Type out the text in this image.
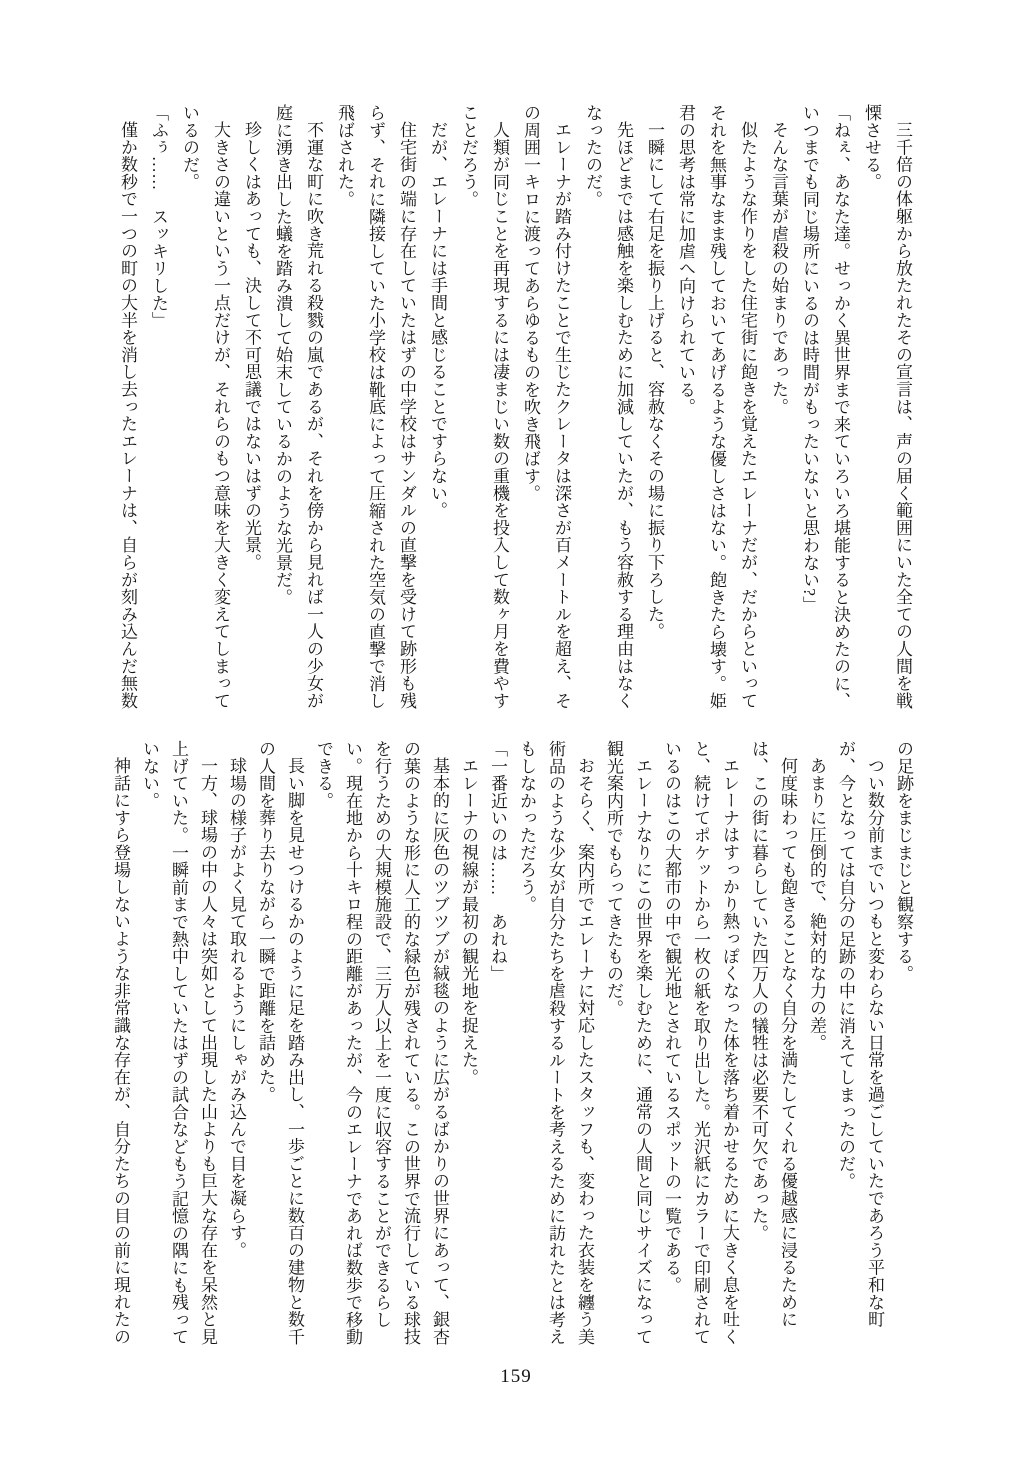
三千倍の体躯から放たれたその宣言は、声の届く範囲にいた全ての人間を戦慄させる。

「ねぇ、あなた達。せっかく異世界まで来ていろいろ堪能すると決めたのに、いつまでも同じ場所にいるのは時間がもったいないと思わない?」

そんな言葉が虐殺の始まりであった。

似たような作りをした住宅街に飽きを覚えたエレーナだが、だからといってそれを無事なまま残しておいてあげるような優しさはない。飽きたら壊す。姫君の思考は常に加虐へ向けられている。

一瞬にして右足を振り上げると、容赦なくその場に振り下ろした。

先ほどまでは感触を楽しむために加減していたが、もう容赦する理由はなくなったのだ。

エレーナが踏み付けたことで生じたクレータは深さが百メートルを超え、その周囲一キロに渡ってあらゆるものを吹き飛ばす。

人類が同じことを再現するには凄まじい数の重機を投入して数ヶ月を費やすことだろう。

だが、エレーナには手間と感じることですらない。

住宅街の端に存在していたはずの中学校はサンダルの直撃を受けて跡形も残らず、それに隣接していた小学校は靴底によって圧縮された空気の直撃で消し飛ばされた。

不運な町に吹き荒れる殺戮の嵐であるが、それを傍から見れば一人の少女が庭に湧き出した蟻を踏み潰して始末しているかのような光景だ。

珍しくはあっても、決して不可思議ではないはずの光景。

大きさの違いという一点だけが、それらのもつ意味を大きく変えてしまっているのだ。

「ふぅ……　スッキリした」

僅か数秒で一つの町の大半を消し去ったエレーナは、自らが刻み込んだ無数

の足跡をまじまじと観察する。

つい数分前までいつもと変わらない日常を過ごしていたであろう平和な町が、今となっては自分の足跡の中に消えてしまったのだ。

あまりに圧倒的で、絶対的な力の差。

何度味わっても飽きることなく自分を満たしてくれる優越感に浸るためには、この街に暮らしていた四万人の犠牲は必要不可欠であった。

エレーナはすっかり熱っぽくなった体を落ち着かせるために大きく息を吐くと、続けてポケットから一枚の紙を取り出した。光沢紙にカラーで印刷されているのはこの大都市の中で観光地とされているスポットの一覧である。

エレーナなりにこの世界を楽しむために、通常の人間と同じサイズになって観光案内所でもらってきたものだ。

おそらく、案内所でエレーナに対応したスタッフも、変わった衣装を纏う美術品のような少女が自分たちを虐殺するルートを考えるために訪れたとは考えもしなかっただろう。

「一番近いのは……　あれね」

エレーナの視線が最初の観光地を捉えた。

基本的に灰色のツブツブが絨毯のように広がるばかりの世界にあって、銀杏の葉のような形に人工的な緑色が残されている。この世界で流行している球技を行うための大規模施設で、三万人以上を一度に収容することができるらしい。現在地から十キロ程の距離があったが、今のエレーナであれば数歩で移動できる。

長い脚を見せつけるかのように足を踏み出し、一歩ごとに数百の建物と数千の人間を葬り去りながら一瞬で距離を詰めた。

球場の様子がよく見て取れるようにしゃがみ込んで目を凝らす。

一方、球場の中の人々は突如として出現した山よりも巨大な存在を呆然と見上げていた。一瞬前まで熱中していたはずの試合などもう記憶の隅にも残っていない。

神話にすら登場しないような非常識な存在が、自分たちの目の前に現れたの

159
